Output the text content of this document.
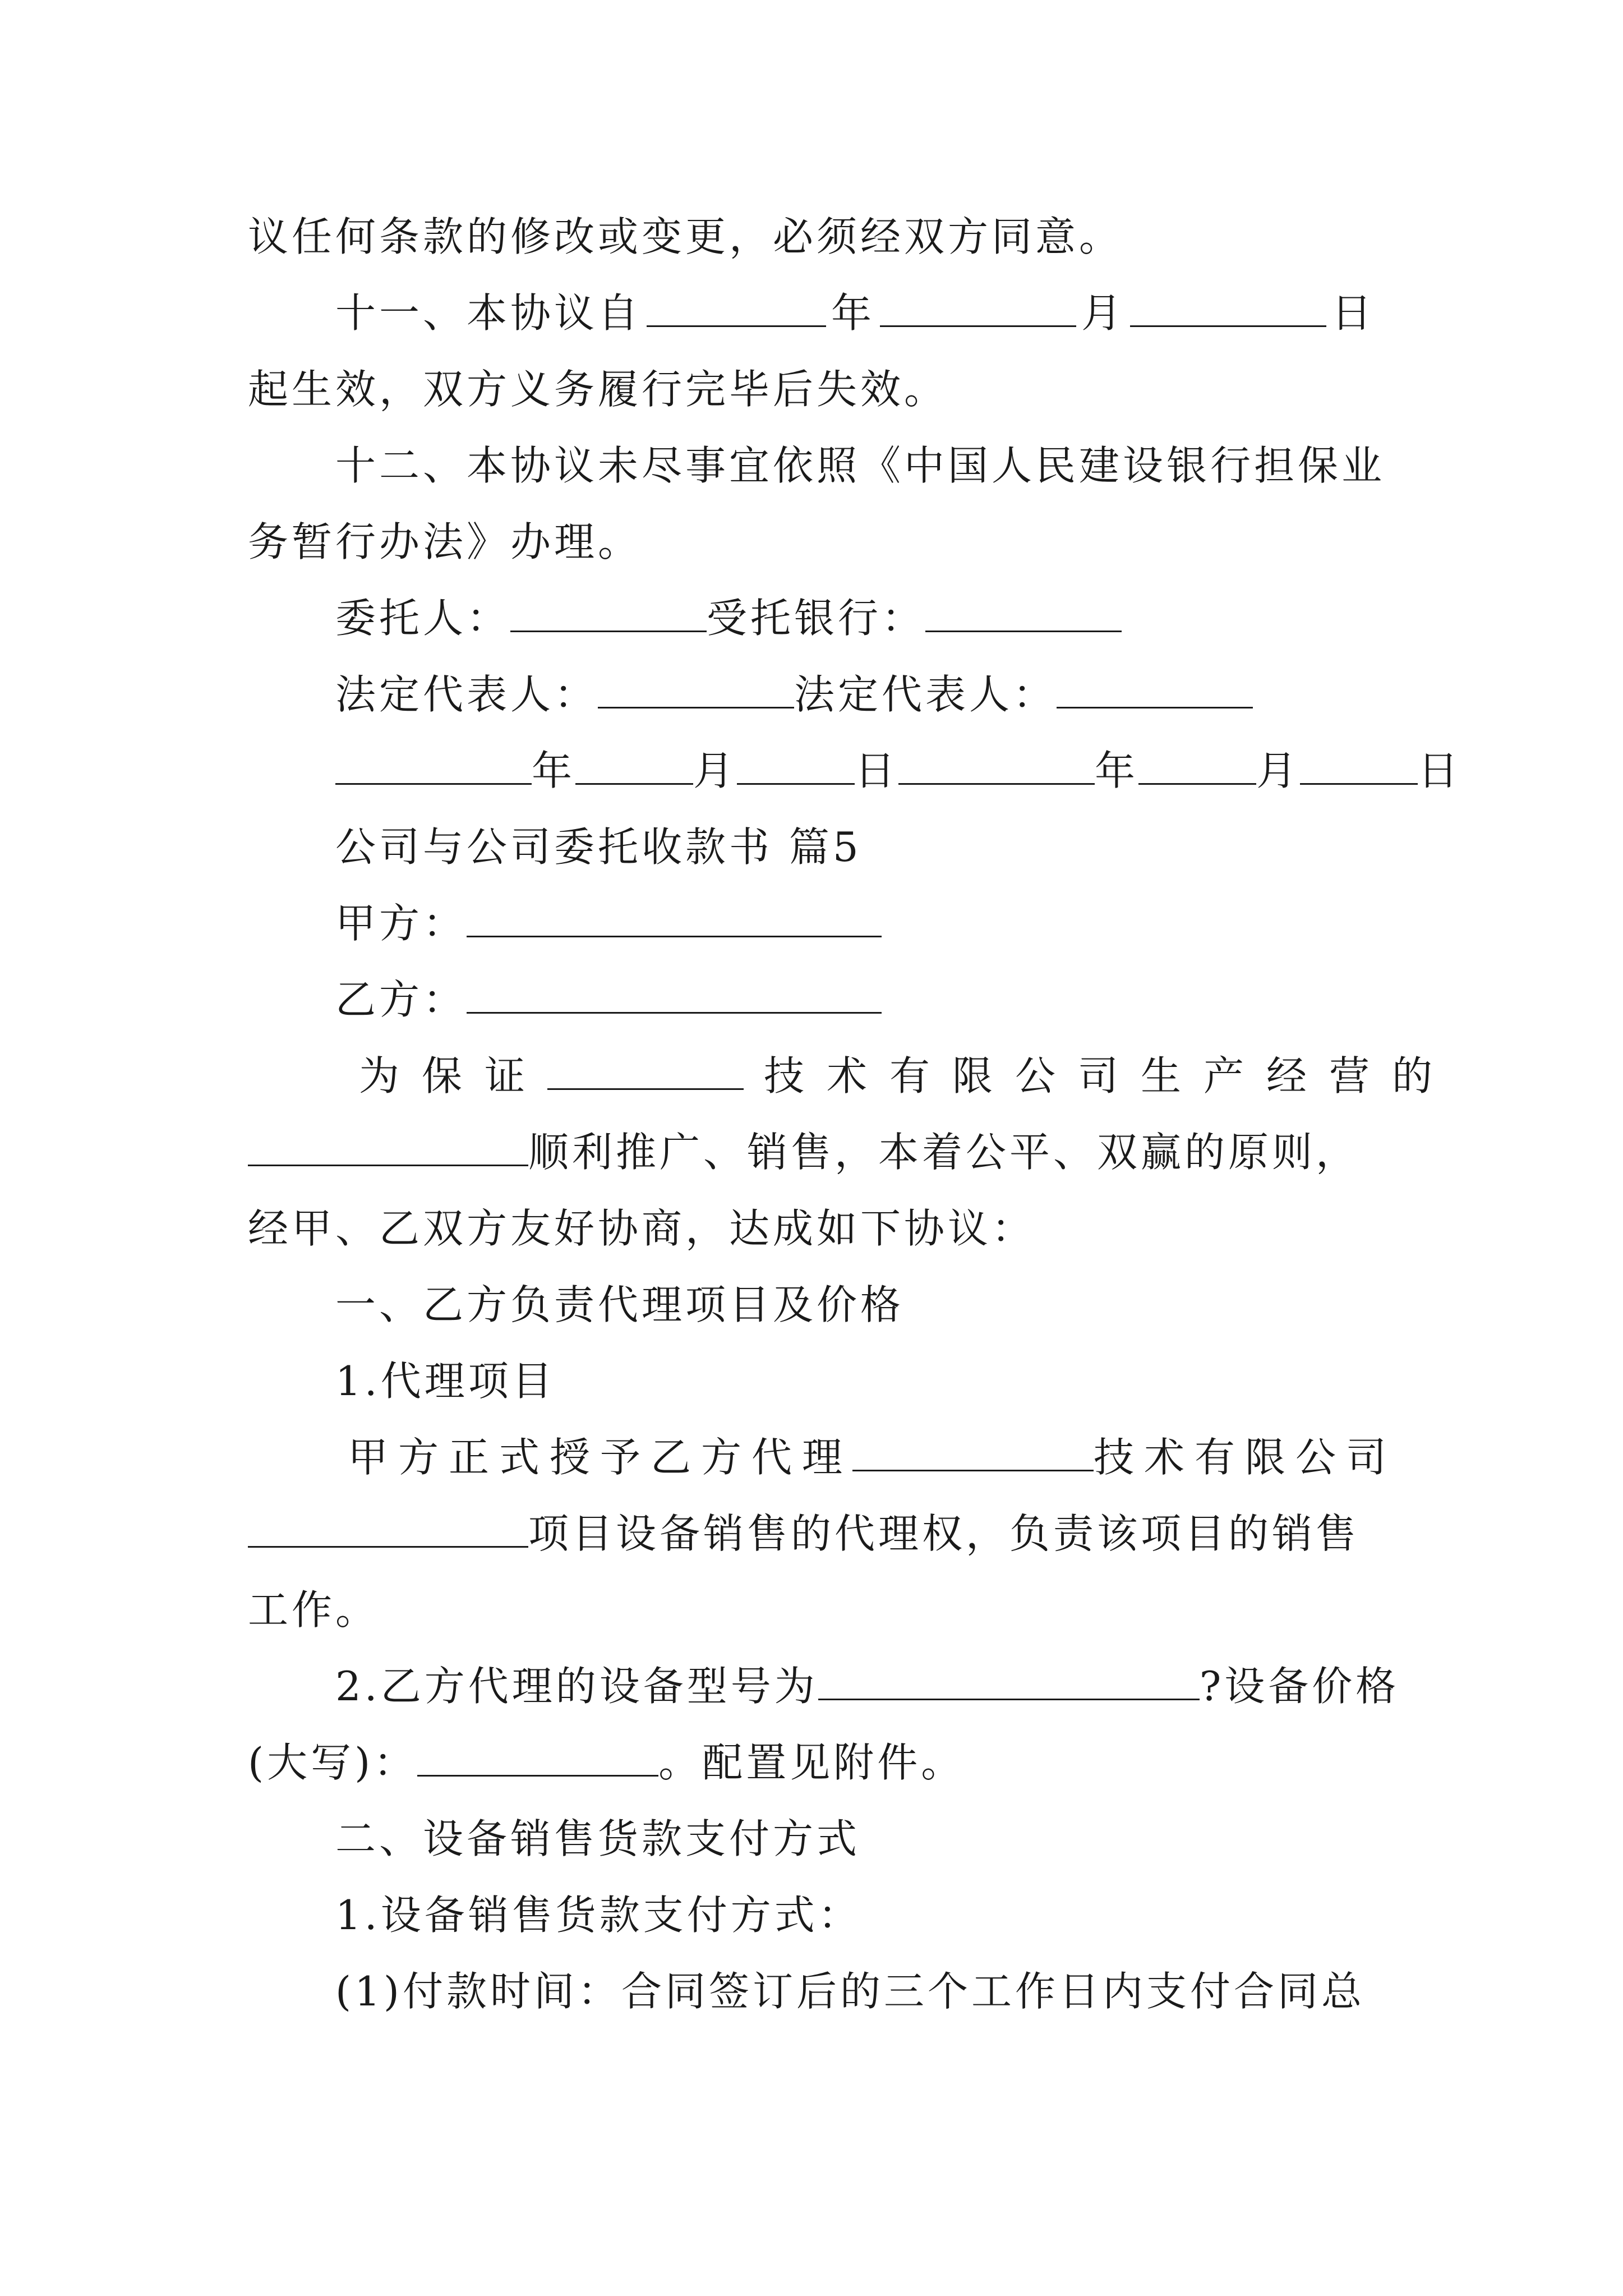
议任何条款的修改或变更，必须经双方同意。
十一、本协议自	年	月	日
起生效，双方义务履行完毕后失效。
十二、本协议未尽事宜依照《中国人民建设银行担保业
务暂行办法》办理。
委托人：	受托银行：
法定代表人：	法定代表人：
年	月	日	年	月	日
公司与公司委托收款书 篇5
甲方：
乙方：
为保证	技术有限公司生产经营的
顺利推广、销售，本着公平、双赢的原则，
经甲、乙双方友好协商，达成如下协议：
一、乙方负责代理项目及价格
1.代理项目
甲方正式授予乙方代理	技术有限公司
项目设备销售的代理权，负责该项目的销售
工作。
2.乙方代理的设备型号为	?设备价格
(大写)：	。配置见附件。
二、设备销售货款支付方式
1.设备销售货款支付方式：
(1)付款时间：合同签订后的三个工作日内支付合同总
